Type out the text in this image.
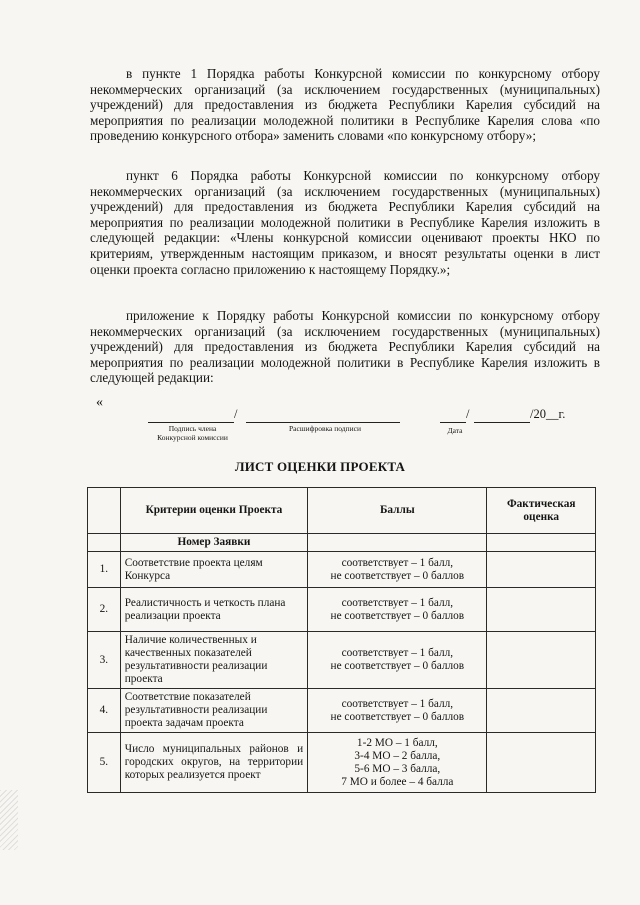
в пункте 1 Порядка работы Конкурсной комиссии по конкурсному отбору некоммерческих организаций (за исключением государственных (муниципальных) учреждений) для предоставления из бюджета Республики Карелия субсидий на мероприятия по реализации молодежной политики в Республике Карелия слова «по проведению конкурсного отбора» заменить словами «по конкурсному отбору»;
пункт 6 Порядка работы Конкурсной комиссии по конкурсному отбору некоммерческих организаций (за исключением государственных (муниципальных) учреждений) для предоставления из бюджета Республики Карелия субсидий на мероприятия по реализации молодежной политики в Республике Карелия изложить в следующей редакции: «Члены конкурсной комиссии оценивают проекты НКО по критериям, утвержденным настоящим приказом, и вносят результаты оценки в лист оценки проекта согласно приложению к настоящему Порядку.»;
приложение к Порядку работы Конкурсной комиссии по конкурсному отбору некоммерческих организаций (за исключением государственных (муниципальных) учреждений) для предоставления из бюджета Республики Карелия субсидий на мероприятия по реализации молодежной политики в Республике Карелия изложить в следующей редакции:
«
/
Подпись члена
Конкурсной комиссии
Расшифровка подписи
/	/20__г.
Дата
ЛИСТ ОЦЕНКИ ПРОЕКТА
	Критерии оценки Проекта	Баллы	Фактическая оценка
	Номер Заявки		
1.	Соответствие проекта целям Конкурса	соответствует – 1 балл,
не соответствует – 0 баллов	

2.	Реалистичность и четкость плана реализации проекта	соответствует – 1 балл,
не соответствует – 0 баллов	

3.	Наличие количественных и качественных показателей результативности реализации проекта	соответствует – 1 балл,
не соответствует – 0 баллов	

4.	Соответствие показателей результативности реализации проекта задачам проекта	соответствует – 1 балл,
не соответствует – 0 баллов	

5.	Число муниципальных районов и городских округов, на территории которых реализуется проект	1-2 МО – 1 балл,
3-4 МО – 2 балла,
5-6 МО – 3 балла,
7 МО и более – 4 балла	
